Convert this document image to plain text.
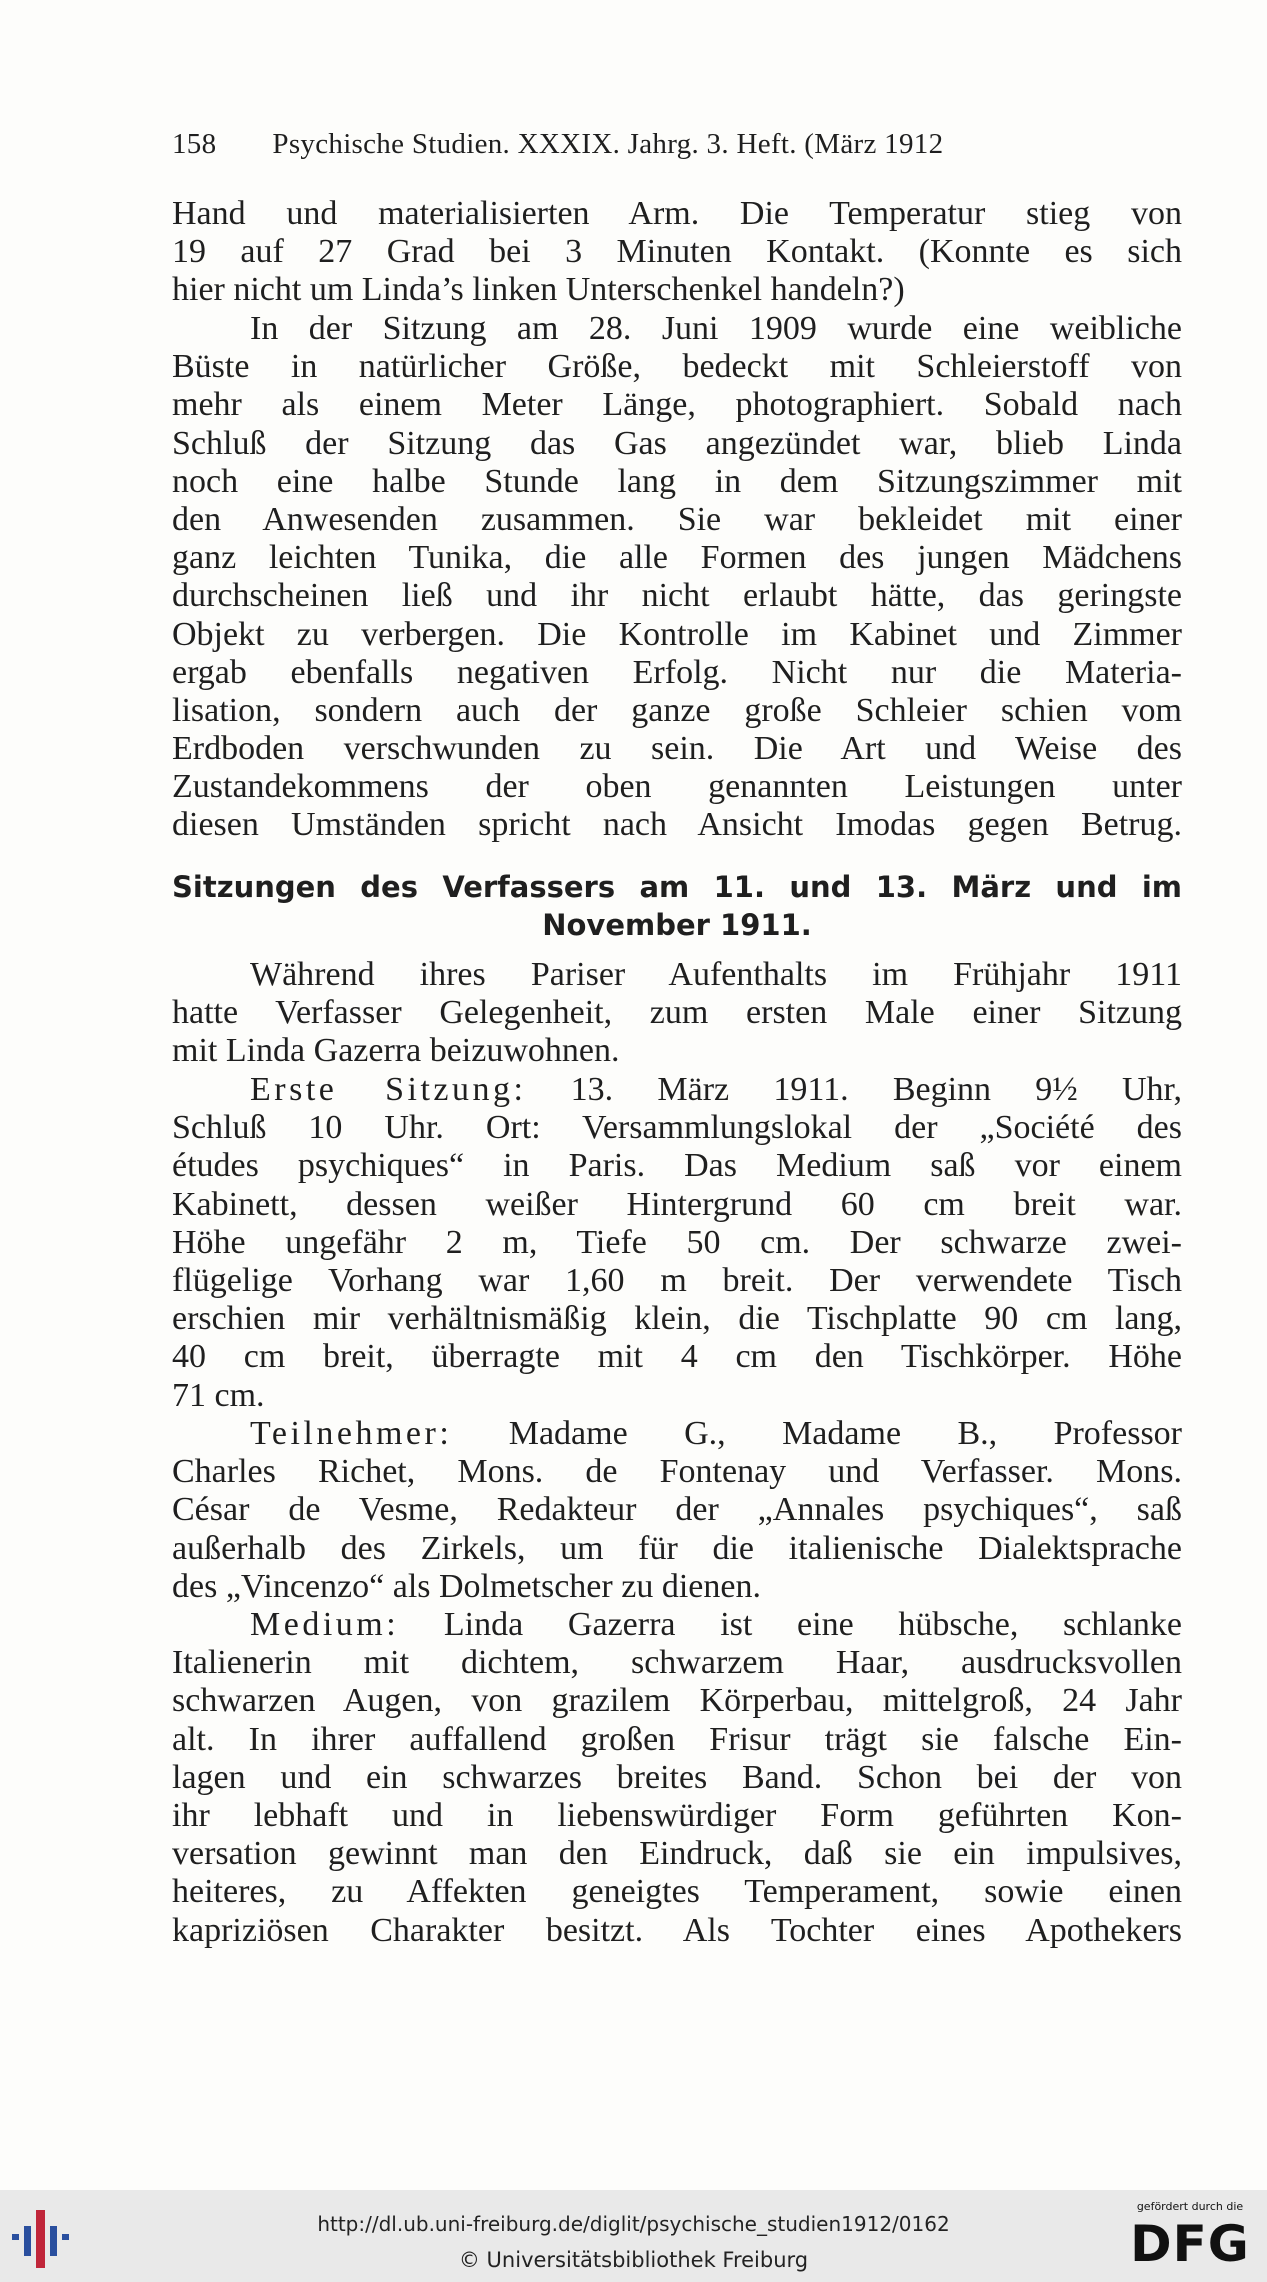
158 Psychische Studien. XXXIX. Jahrg. 3. Heft. (März 1912
Hand und materialisierten Arm. Die Temperatur stieg von
19 auf 27 Grad bei 3 Minuten Kontakt. (Konnte es sich
hier nicht um Linda’s linken Unterschenkel handeln?)
In der Sitzung am 28. Juni 1909 wurde eine weibliche
Büste in natürlicher Größe, bedeckt mit Schleierstoff von
mehr als einem Meter Länge, photographiert. Sobald nach
Schluß der Sitzung das Gas angezündet war, blieb Linda
noch eine halbe Stunde lang in dem Sitzungszimmer mit
den Anwesenden zusammen. Sie war bekleidet mit einer
ganz leichten Tunika, die alle Formen des jungen Mädchens
durchscheinen ließ und ihr nicht erlaubt hätte, das geringste
Objekt zu verbergen. Die Kontrolle im Kabinet und Zimmer
ergab ebenfalls negativen Erfolg. Nicht nur die Materia-
lisation, sondern auch der ganze große Schleier schien vom
Erdboden verschwunden zu sein. Die Art und Weise des
Zustandekommens der oben genannten Leistungen unter
diesen Umständen spricht nach Ansicht Imodas gegen Betrug.
Sitzungen des Verfassers am 11. und 13. März und im
November 1911.
Während ihres Pariser Aufenthalts im Frühjahr 1911
hatte Verfasser Gelegenheit, zum ersten Male einer Sitzung
mit Linda Gazerra beizuwohnen.
Erste Sitzung: 13. März 1911. Beginn 9½ Uhr,
Schluß 10 Uhr. Ort: Versammlungslokal der „Société des
études psychiques“ in Paris. Das Medium saß vor einem
Kabinett, dessen weißer Hintergrund 60 cm breit war.
Höhe ungefähr 2 m, Tiefe 50 cm. Der schwarze zwei-
flügelige Vorhang war 1,60 m breit. Der verwendete Tisch
erschien mir verhältnismäßig klein, die Tischplatte 90 cm lang,
40 cm breit, überragte mit 4 cm den Tischkörper. Höhe
71 cm.
Teilnehmer: Madame G., Madame B., Professor
Charles Richet, Mons. de Fontenay und Verfasser. Mons.
César de Vesme, Redakteur der „Annales psychiques“, saß
außerhalb des Zirkels, um für die italienische Dialektsprache
des „Vincenzo“ als Dolmetscher zu dienen.
Medium: Linda Gazerra ist eine hübsche, schlanke
Italienerin mit dichtem, schwarzem Haar, ausdrucksvollen
schwarzen Augen, von grazilem Körperbau, mittelgroß, 24 Jahr
alt. In ihrer auffallend großen Frisur trägt sie falsche Ein-
lagen und ein schwarzes breites Band. Schon bei der von
ihr lebhaft und in liebenswürdiger Form geführten Kon-
versation gewinnt man den Eindruck, daß sie ein impulsives,
heiteres, zu Affekten geneigtes Temperament, sowie einen
kapriziösen Charakter besitzt. Als Tochter eines Apothekers
http://dl.ub.uni-freiburg.de/diglit/psychische_studien1912/0162
© Universitätsbibliothek Freiburg
gefördert durch die
DFG
